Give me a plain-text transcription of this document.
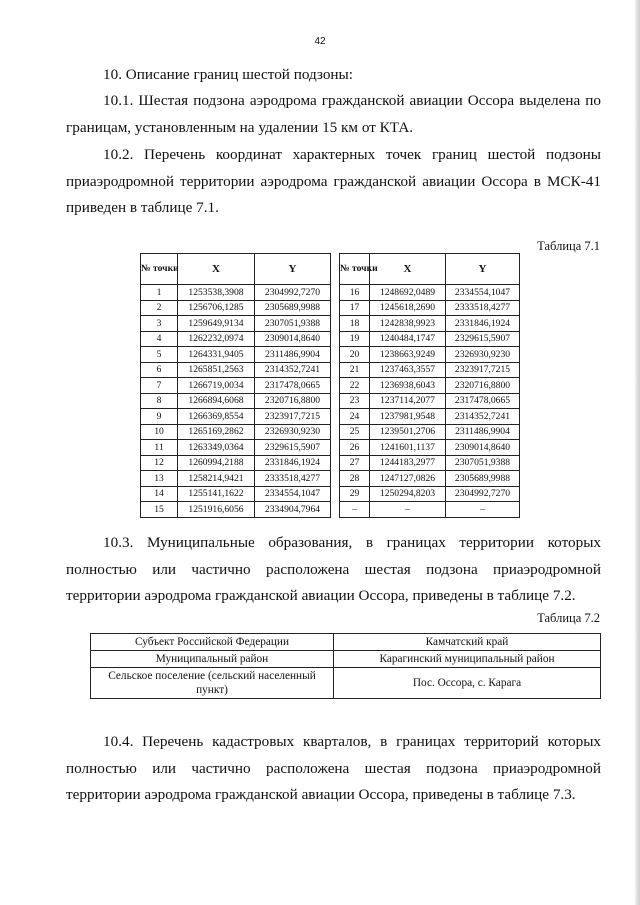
42

10. Описание границ шестой подзоны:

10.1. Шестая подзона аэродрома гражданской авиации Оссора выделена по границам, установленным на удалении 15 км от КТА.

10.2. Перечень координат характерных точек границ шестой подзоны приаэродромной территории аэродрома гражданской авиации Оссора в МСК-41 приведен в таблице 7.1.

Таблица 7.1
№ точки	X	Y
1	1253538,3908	2304992,7270
2	1256706,1285	2305689,9988
3	1259649,9134	2307051,9388
4	1262232,0974	2309014,8640
5	1264331,9405	2311486,9904
6	1265851,2563	2314352,7241
7	1266719,0034	2317478,0665
8	1266894,6068	2320716,8800
9	1266369,8554	2323917,7215
10	1265169,2862	2326930,9230
11	1263349,0364	2329615,5907
12	1260994,2188	2331846,1924
13	1258214,9421	2333518,4277
14	1255141,1622	2334554,1047
15	1251916,6056	2334904,7964
№ точки	X	Y
16	1248692,0489	2334554,1047
17	1245618,2690	2333518,4277
18	1242838,9923	2331846,1924
19	1240484,1747	2329615,5907
20	1238663,9249	2326930,9230
21	1237463,3557	2323917,7215
22	1236938,6043	2320716,8800
23	1237114,2077	2317478,0665
24	1237981,9548	2314352,7241
25	1239501,2706	2311486,9904
26	1241601,1137	2309014,8640
27	1244183,2977	2307051,9388
28	1247127,0826	2305689,9988
29	1250294,8203	2304992,7270
–	–	–

10.3. Муниципальные образования, в границах территории которых полностью или частично расположена шестая подзона приаэродромной территории аэродрома гражданской авиации Оссора, приведены в таблице 7.2.

Таблица 7.2
Субъект Российской Федерации	Камчатский край
Муниципальный район	Карагинский муниципальный район
Сельское поселение (сельский населенный пункт)	Пос. Оссора, с. Карага

10.4. Перечень кадастровых кварталов, в границах территорий которых полностью или частично расположена шестая подзона приаэродромной территории аэродрома гражданской авиации Оссора, приведены в таблице 7.3.
